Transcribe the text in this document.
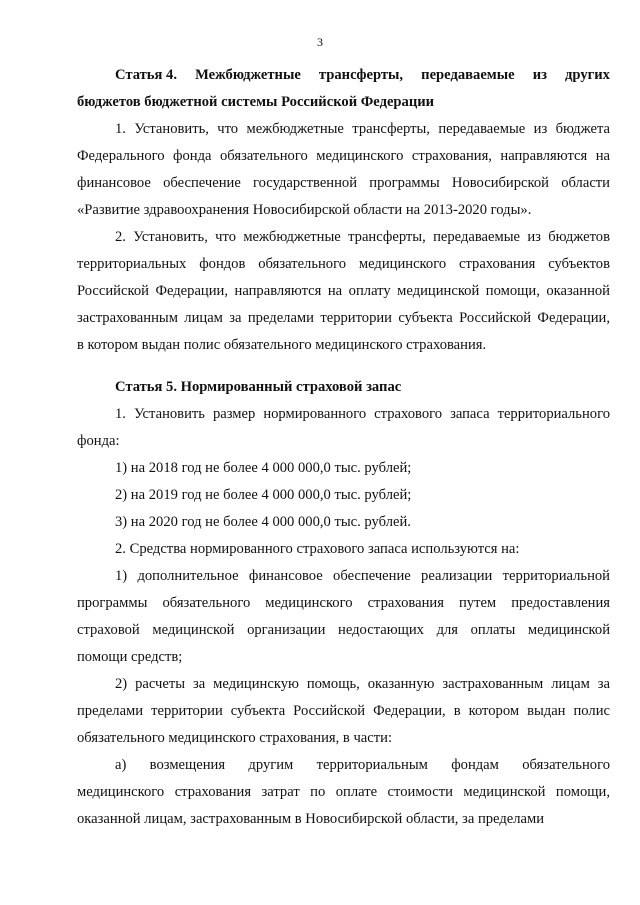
3
Статья 4. Межбюджетные трансферты, передаваемые из других
бюджетов бюджетной системы Российской Федерации
1. Установить, что межбюджетные трансферты, передаваемые из бюджета
Федерального фонда обязательного медицинского страхования, направляются на
финансовое обеспечение государственной программы Новосибирской области
«Развитие здравоохранения Новосибирской области на 2013-2020 годы».
2. Установить, что межбюджетные трансферты, передаваемые из бюджетов
территориальных фондов обязательного медицинского страхования субъектов
Российской Федерации, направляются на оплату медицинской помощи, оказанной
застрахованным лицам за пределами территории субъекта Российской Федерации,
в котором выдан полис обязательного медицинского страхования.
Статья 5. Нормированный страховой запас
1. Установить размер нормированного страхового запаса территориального
фонда:
1) на 2018 год не более 4 000 000,0 тыс. рублей;
2) на 2019 год не более 4 000 000,0 тыс. рублей;
3) на 2020 год не более 4 000 000,0 тыс. рублей.
2. Средства нормированного страхового запаса используются на:
1) дополнительное финансовое обеспечение реализации территориальной
программы обязательного медицинского страхования путем предоставления
страховой медицинской организации недостающих для оплаты медицинской
помощи средств;
2) расчеты за медицинскую помощь, оказанную застрахованным лицам за
пределами территории субъекта Российской Федерации, в котором выдан полис
обязательного медицинского страхования, в части:
а) возмещения другим территориальным фондам обязательного
медицинского страхования затрат по оплате стоимости медицинской помощи,
оказанной лицам, застрахованным в Новосибирской области, за пределами
